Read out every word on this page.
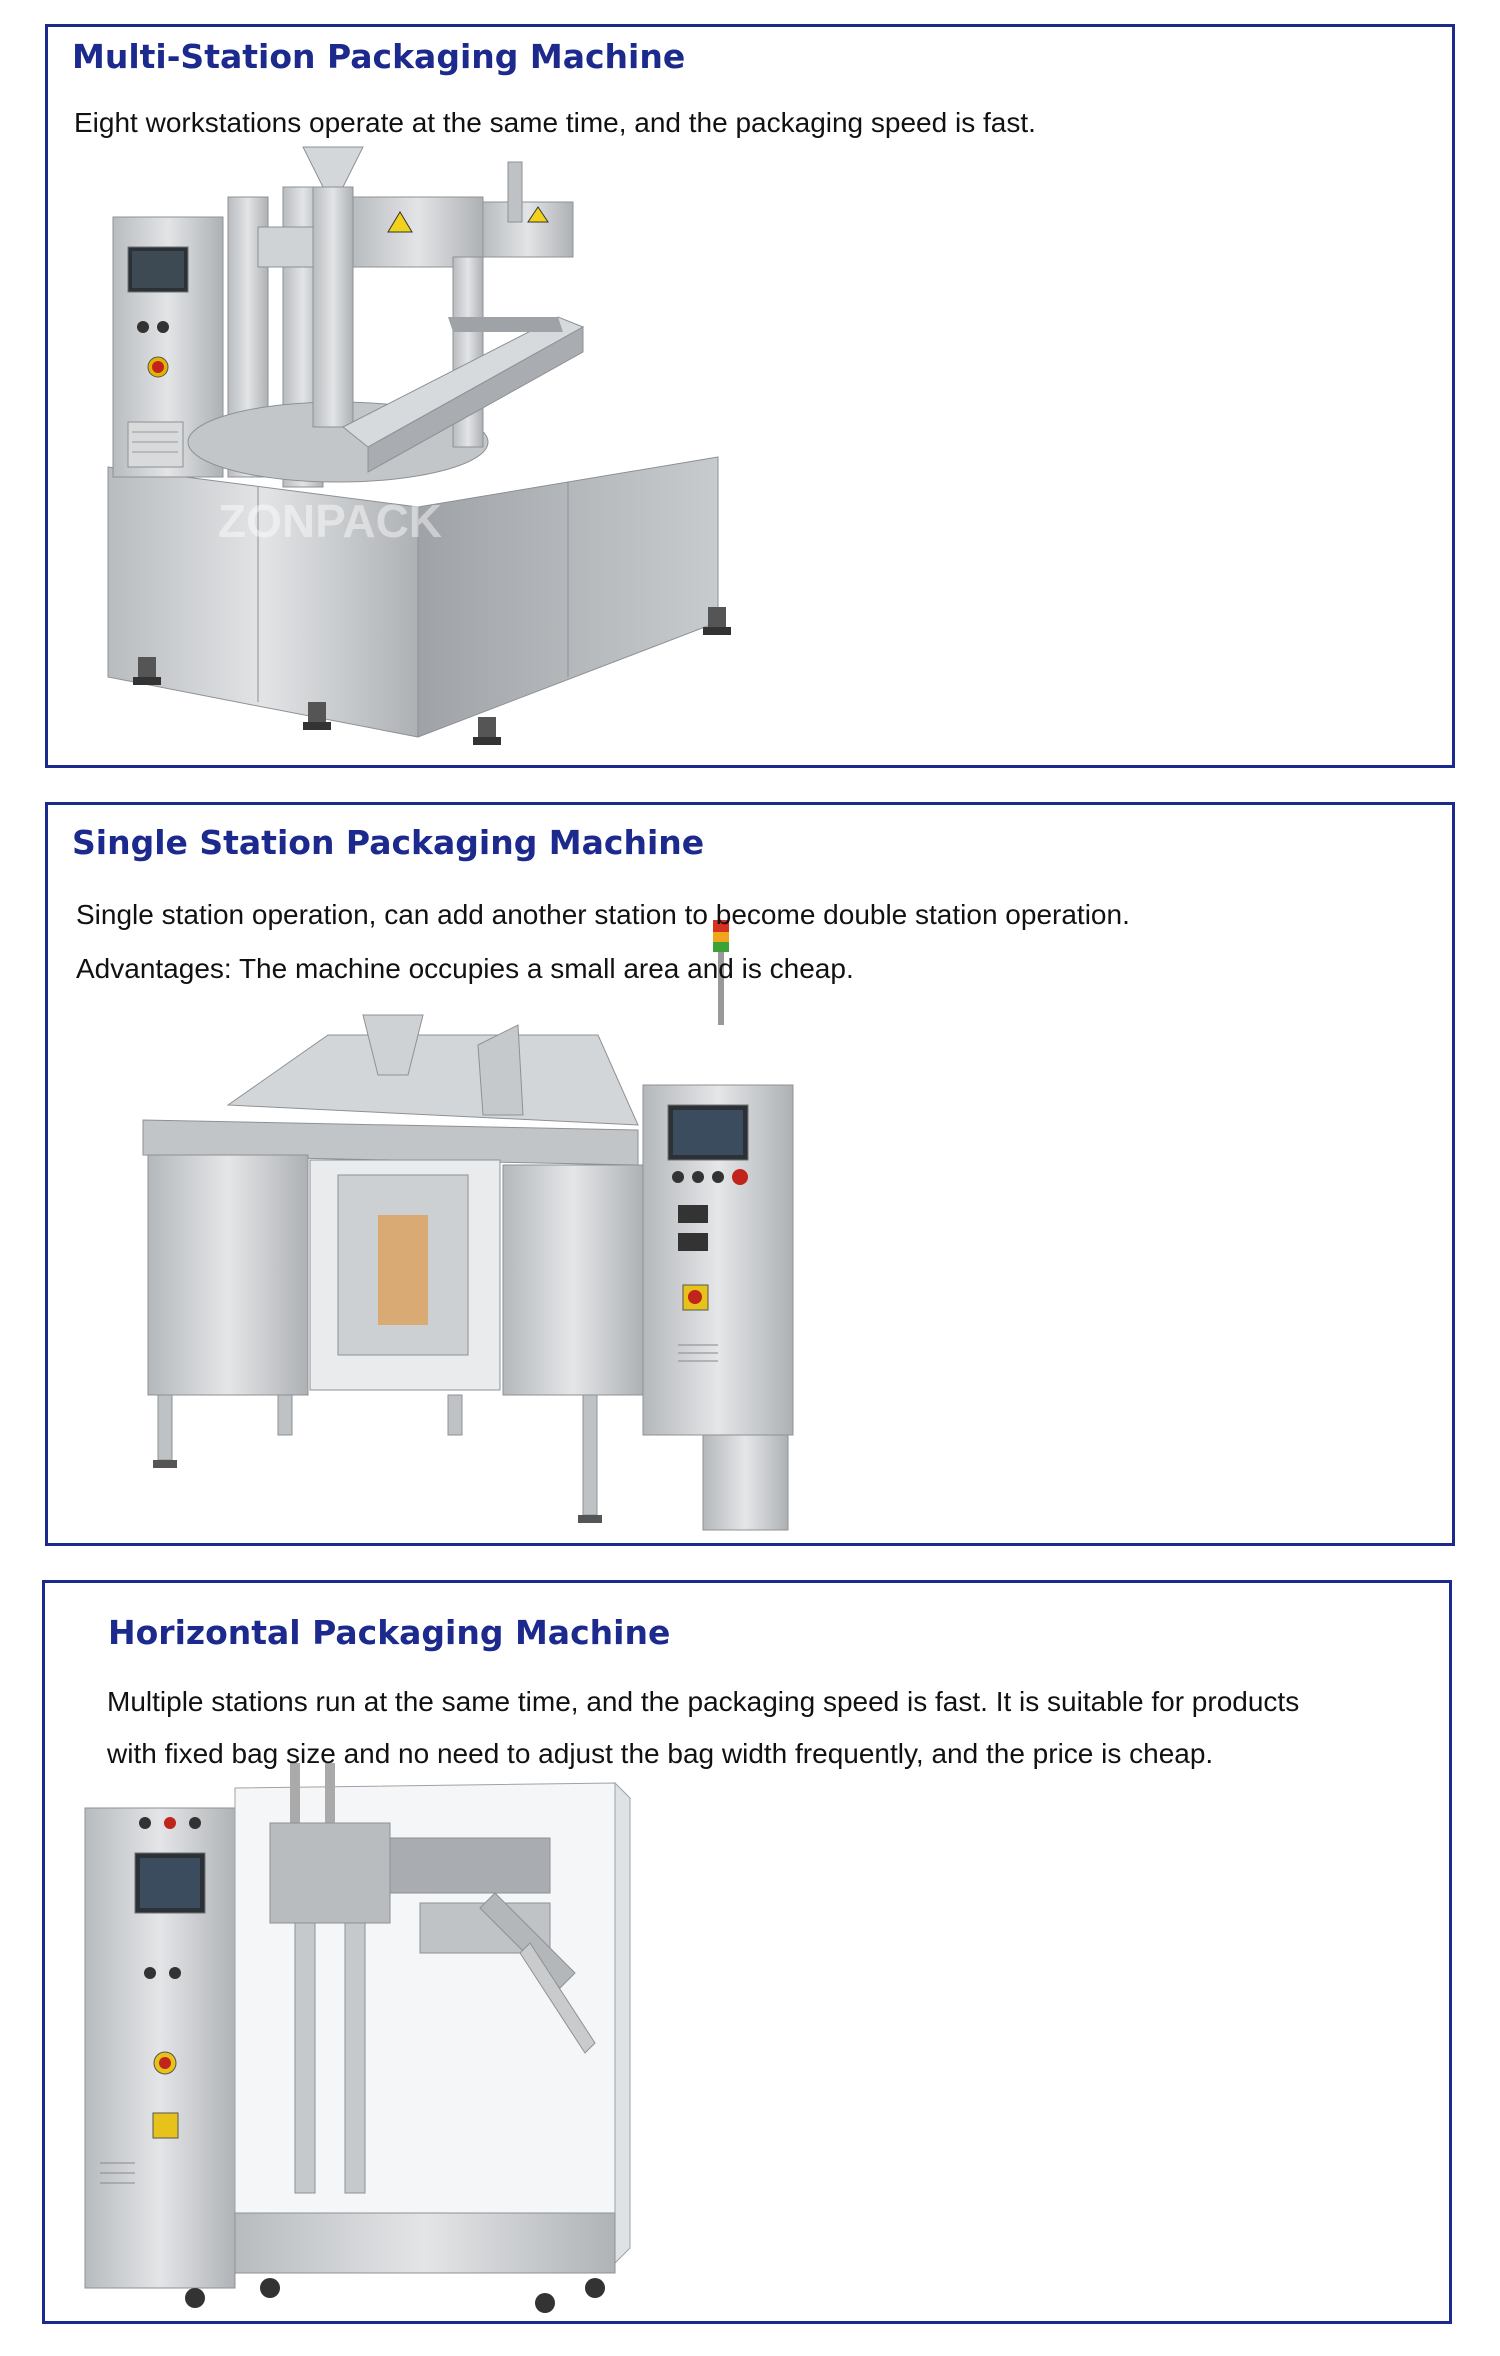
Multi-Station Packaging Machine

Eight workstations operate at the same time, and the packaging speed is fast.

ZONPACK
Single Station Packaging Machine

Single station operation, can add another station to become double station operation.

Advantages: The machine occupies a small area and is cheap.

Horizontal Packaging Machine

Multiple stations run at the same time, and the packaging speed is fast. It is suitable for products

with fixed bag size and no need to adjust the bag width frequently, and the price is cheap.
